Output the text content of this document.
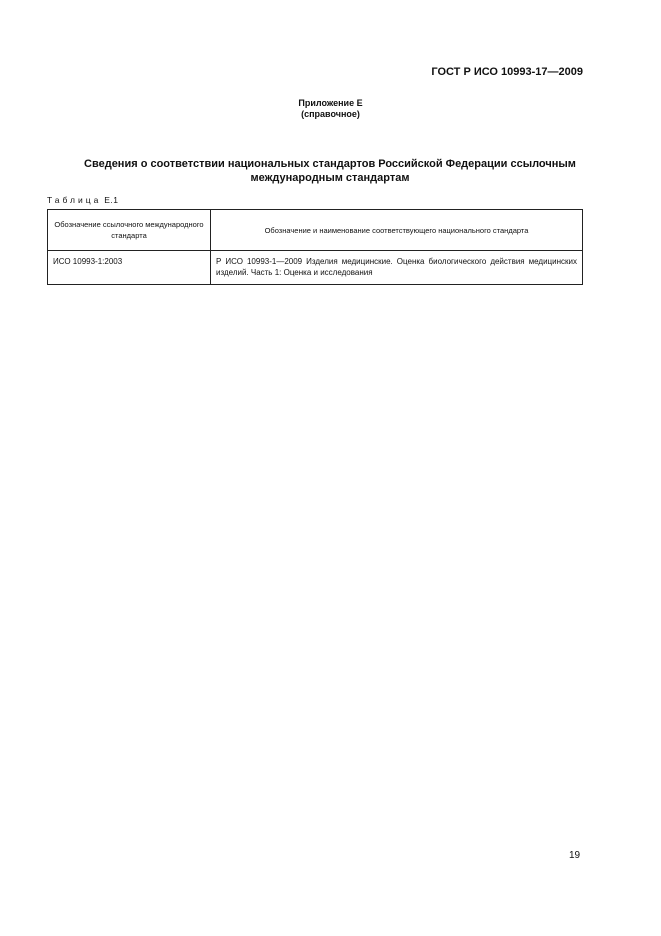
ГОСТ Р ИСО 10993-17—2009
Приложение Е
(справочное)
Сведения о соответствии национальных стандартов Российской Федерации ссылочным международным стандартам
Таблица Е.1
Обозначение ссылочного международного стандарта	Обозначение и наименование соответствующего национального стандарта
ИСО 10993-1:2003	Р ИСО 10993-1—2009 Изделия медицинские. Оценка биологического действия медицинских изделий. Часть 1: Оценка и исследования
19
